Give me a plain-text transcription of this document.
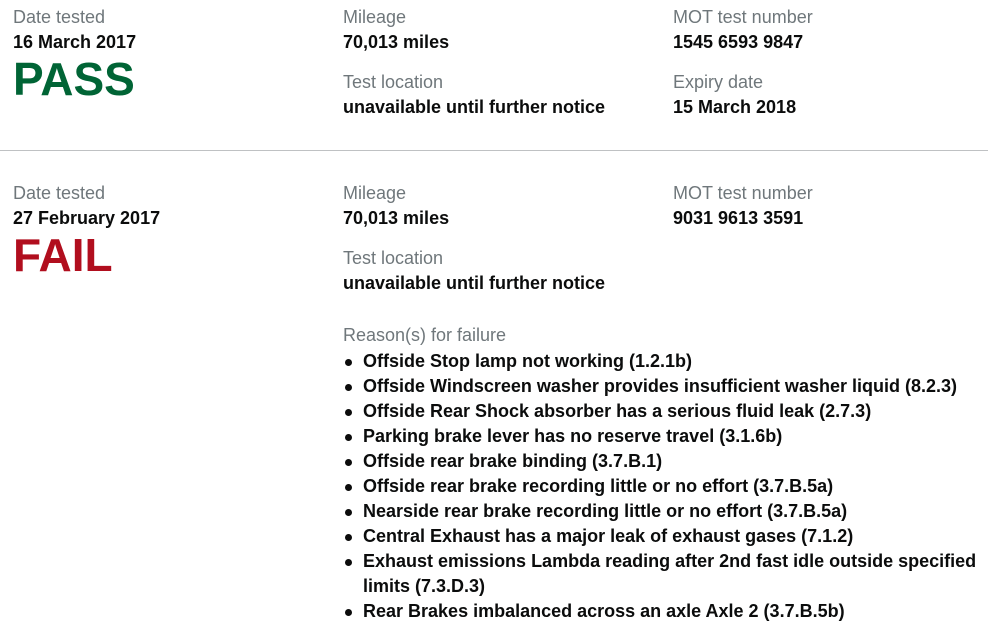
Date tested
16 March 2017
PASS
Mileage
70,013 miles
Test location
unavailable until further notice
MOT test number
1545 6593 9847
Expiry date
15 March 2018
Date tested
27 February 2017
FAIL
Mileage
70,013 miles
Test location
unavailable until further notice
Reason(s) for failure
Offside Stop lamp not working (1.2.1b)
Offside Windscreen washer provides insufficient washer liquid (8.2.3)
Offside Rear Shock absorber has a serious fluid leak (2.7.3)
Parking brake lever has no reserve travel (3.1.6b)
Offside rear brake binding (3.7.B.1)
Offside rear brake recording little or no effort (3.7.B.5a)
Nearside rear brake recording little or no effort (3.7.B.5a)
Central Exhaust has a major leak of exhaust gases (7.1.2)
Exhaust emissions Lambda reading after 2nd fast idle outside specified limits (7.3.D.3)
Rear Brakes imbalanced across an axle Axle 2 (3.7.B.5b)
MOT test number
9031 9613 3591
